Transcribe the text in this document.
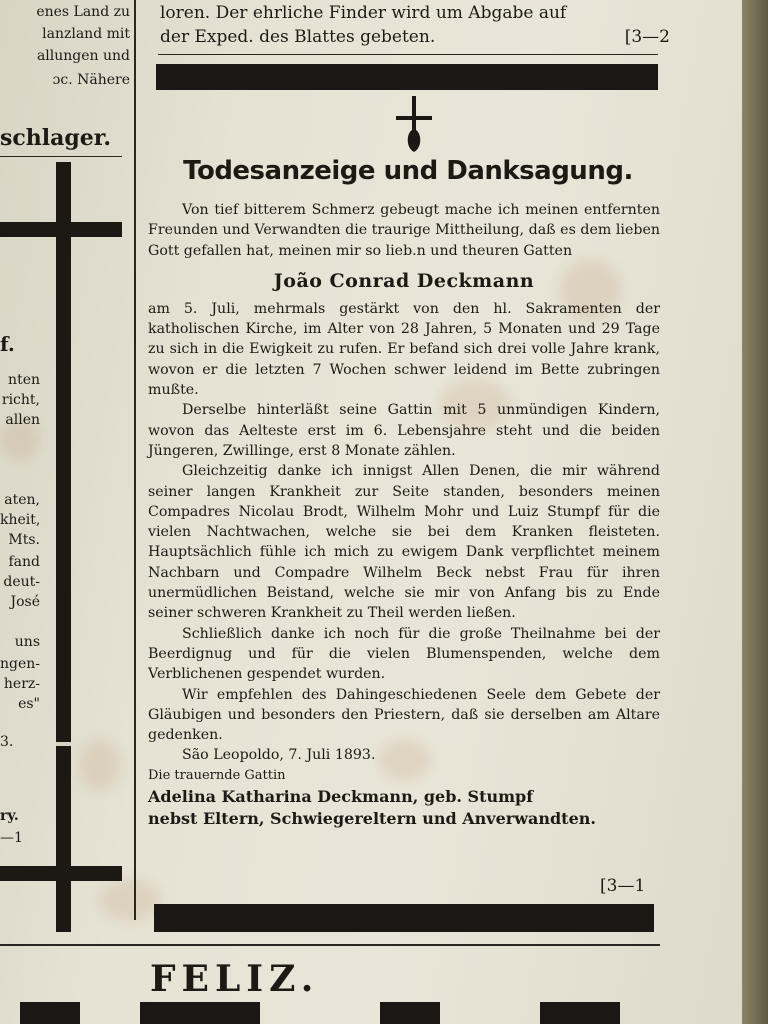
enes Land zu
lanzland mit
allungen und
ɔc. Nähere
schlager.
f.
nten
richt,
allen
aten,
kheit,
Mts.
fand
deut-
José
uns
ngen-
herz-
es"
3.
ry.
—1
loren. Der ehrliche Finder wird um Abgabe auf
der Exped. des Blattes gebeten.	[3—2
Todesanzeige und Danksagung.

Von tief bitterem Schmerz gebeugt mache ich meinen entfernten Freunden und Verwandten die traurige Mittheilung, daß es dem lieben Gott gefallen hat, meinen mir so lieb.n und theuren Gatten

João Conrad Deckmann

am 5. Juli, mehrmals gestärkt von den hl. Sakramenten der katholischen Kirche, im Alter von 28 Jahren, 5 Monaten und 29 Tage zu sich in die Ewigkeit zu rufen. Er befand sich drei volle Jahre krank, wovon er die letzten 7 Wochen schwer leidend im Bette zubringen mußte.

Derselbe hinterläßt seine Gattin mit 5 unmündigen Kindern, wovon das Aelteste erst im 6. Lebensjahre steht und die beiden Jüngeren, Zwillinge, erst 8 Monate zählen.

Gleichzeitig danke ich innigst Allen Denen, die mir während seiner langen Krankheit zur Seite standen, besonders meinen Compadres Nicolau Brodt, Wilhelm Mohr und Luiz Stumpf für die vielen Nachtwachen, welche sie bei dem Kranken fleisteten. Hauptsächlich fühle ich mich zu ewigem Dank verpflichtet meinem Nachbarn und Compadre Wilhelm Beck nebst Frau für ihren unermüdlichen Beistand, welche sie mir von Anfang bis zu Ende seiner schweren Krankheit zu Theil werden ließen.

Schließlich danke ich noch für die große Theilnahme bei der Beerdignug und für die vielen Blumenspenden, welche dem Verblichenen gespendet wurden.

Wir empfehlen des Dahingeschiedenen Seele dem Gebete der Gläubigen und besonders den Priestern, daß sie derselben am Altare gedenken.

São Leopoldo, 7. Juli 1893.

Die trauernde Gattin

Adelina Katharina Deckmann, geb. Stumpf

nebst Eltern, Schwiegereltern und Anverwandten.

[3—1
FELIZ.
